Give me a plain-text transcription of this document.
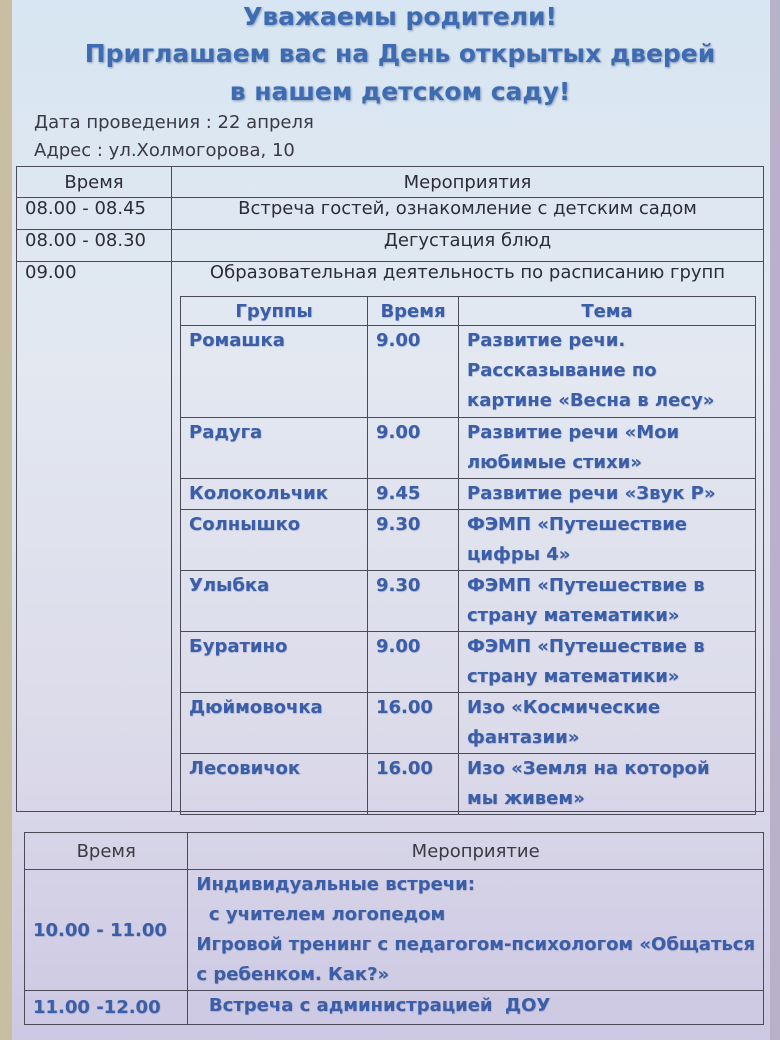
Уважаемы родители!
Приглашаем вас на День открытых дверей
в нашем детском саду!
Дата проведения : 22 апреля
Адрес : ул.Холмогорова, 10
Время	Мероприятия
08.00 - 08.45	Встреча гостей, ознакомление с детским садом
08.00 - 08.30	Дегустация блюд
09.00	Образовательная деятельность по расписанию групп
Группы	Время	Тема
Ромашка	9.00	Развитие речи.
Рассказывание по
картине «Весна в лесу»

Радуга	9.00	Развитие речи «Мои
любимые стихи»

Колокольчик	9.45	Развитие речи «Звук Р»

Солнышко	9.30	ФЭМП «Путешествие
цифры 4»

Улыбка	9.30	ФЭМП «Путешествие в
страну математики»

Буратино	9.00	ФЭМП «Путешествие в
страну математики»

Дюймовочка	16.00	Изо «Космические
фантазии»

Лесовичок	16.00	Изо «Земля на которой
мы живем»
Время	Мероприятие
10.00 - 11.00	Индивидуальные встречи:
с учителем логопедом
Игровой тренинг с педагогом-психологом «Общаться
с ребенком. Как?»

11.00 -12.00	Встреча с администрацией  ДОУ
